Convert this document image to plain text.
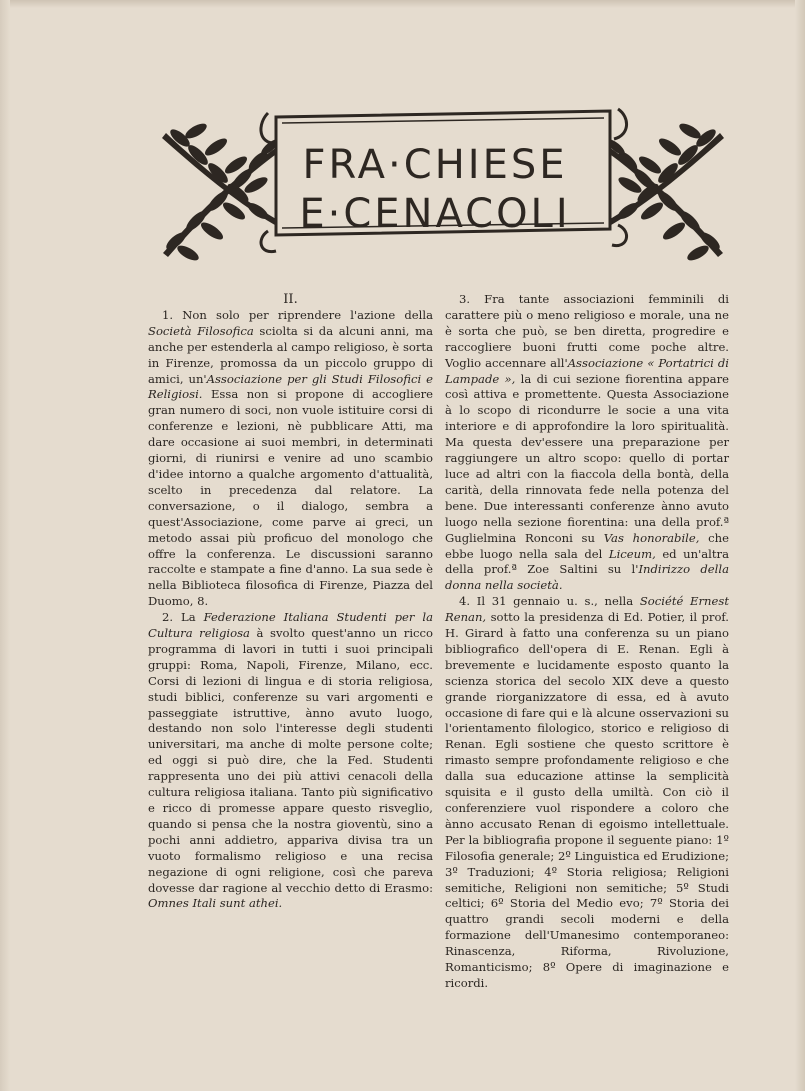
FRA·CHIESE
E·CENACOLI

II.

1. Non solo per riprendere l'azione della Società Filosofica sciolta si da alcuni anni, ma anche per estenderla al campo religioso, è sorta in Firenze, promossa da un piccolo gruppo di amici, un'Associazione per gli Studi Filosofici e Religiosi. Essa non si propone di accogliere gran numero di soci, non vuole istituire corsi di conferenze e lezioni, nè pubblicare Atti, ma dare occasione ai suoi membri, in determinati giorni, di riunirsi e venire ad uno scambio d'idee intorno a qualche argomento d'attualità, scelto in precedenza dal relatore. La conversazione, o il dialogo, sembra a quest'Associazione, come parve ai greci, un metodo assai più proficuo del monologo che offre la conferenza. Le discussioni saranno raccolte e stampate a fine d'anno. La sua sede è nella Biblioteca filosofica di Firenze, Piazza del Duomo, 8.

2. La Federazione Italiana Studenti per la Cultura religiosa à svolto quest'anno un ricco programma di lavori in tutti i suoi principali gruppi: Roma, Napoli, Firenze, Milano, ecc. Corsi di lezioni di lingua e di storia religiosa, studi biblici, conferenze su vari argomenti e passeggiate istruttive, ànno avuto luogo, destando non solo l'interesse degli studenti universitari, ma anche di molte persone colte; ed oggi si può dire, che la Fed. Studenti rappresenta uno dei più attivi cenacoli della cultura religiosa italiana. Tanto più significativo e ricco di promesse appare questo risveglio, quando si pensa che la nostra gioventù, sino a pochi anni addietro, appariva divisa tra un vuoto formalismo religioso e una recisa negazione di ogni religione, così che pareva dovesse dar ragione al vecchio detto di Erasmo: Omnes Itali sunt athei.

3. Fra tante associazioni femminili di carattere più o meno religioso e morale, una ne è sorta che può, se ben diretta, progredire e raccogliere buoni frutti come poche altre. Voglio accennare all'Associazione « Portatrici di Lampade », la di cui sezione fiorentina appare così attiva e promettente. Questa Associazione à lo scopo di ricondurre le socie a una vita interiore e di approfondire la loro spiritualità. Ma questa dev'essere una preparazione per raggiungere un altro scopo: quello di portar luce ad altri con la fiaccola della bontà, della carità, della rinnovata fede nella potenza del bene. Due interessanti conferenze ànno avuto luogo nella sezione fiorentina: una della prof.ª Guglielmina Ronconi su Vas honorabile, che ebbe luogo nella sala del Liceum, ed un'altra della prof.ª Zoe Saltini su l'Indirizzo della donna nella società.

4. Il 31 gennaio u. s., nella Société Ernest Renan, sotto la presidenza di Ed. Potier, il prof. H. Girard à fatto una conferenza su un piano bibliografico dell'opera di E. Renan. Egli à brevemente e lucidamente esposto quanto la scienza storica del secolo XIX deve a questo grande riorganizzatore di essa, ed à avuto occasione di fare qui e là alcune osservazioni su l'orientamento filologico, storico e religioso di Renan. Egli sostiene che questo scrittore è rimasto sempre profondamente religioso e che dalla sua educazione attinse la semplicità squisita e il gusto della umiltà. Con ciò il conferenziere vuol rispondere a coloro che ànno accusato Renan di egoismo intellettuale. Per la bibliografia propone il seguente piano: 1º Filosofia generale; 2º Linguistica ed Erudizione; 3º Traduzioni; 4º Storia religiosa; Religioni semitiche, Religioni non semitiche; 5º Studi celtici; 6º Storia del Medio evo; 7º Storia dei quattro grandi secoli moderni e della formazione dell'Umanesimo contemporaneo: Rinascenza, Riforma, Rivoluzione, Romanticismo; 8º Opere di imaginazione e ricordi.
